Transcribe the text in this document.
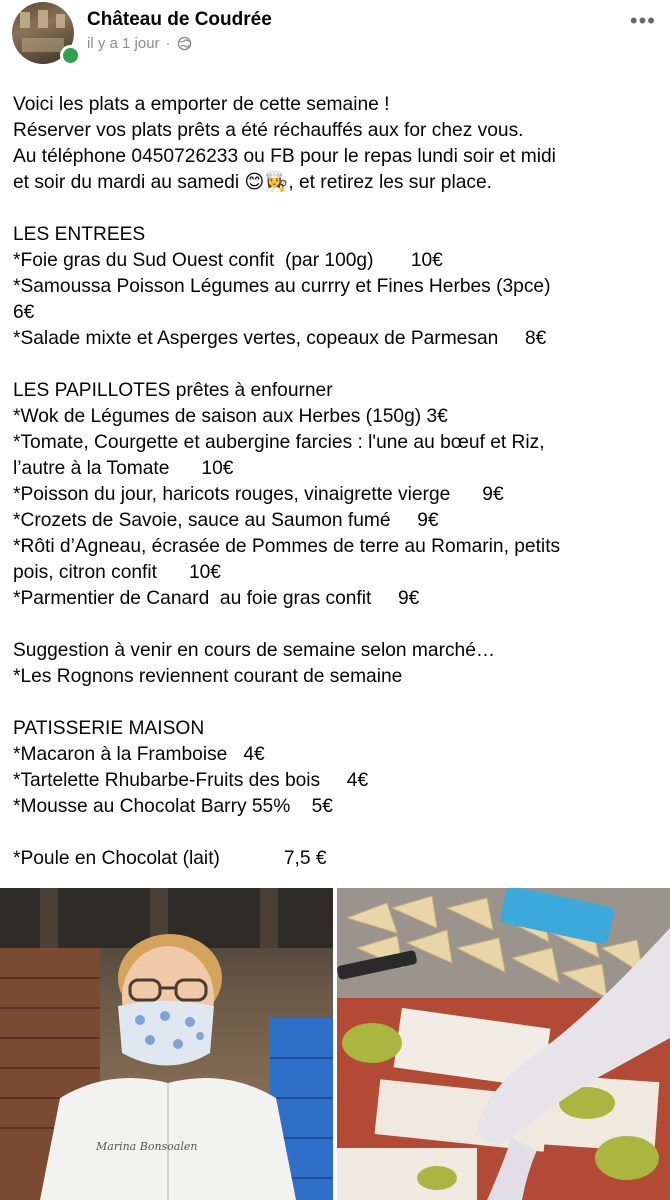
Château de Coudrée
il y a 1 jour ·
•••
Voici les plats a emporter de cette semaine !
Réserver vos plats prêts a été réchauffés aux for chez vous.
Au téléphone 0450726233 ou FB pour le repas lundi soir et midi
et soir du mardi au samedi 😊👩‍🍳, et retirez les sur place.
LES ENTREES
*Foie gras du Sud Ouest confit  (par 100g)       10€
*Samoussa Poisson Légumes au currry et Fines Herbes (3pce)
6€
*Salade mixte et Asperges vertes, copeaux de Parmesan     8€
LES PAPILLOTES prêtes à enfourner
*Wok de Légumes de saison aux Herbes (150g) 3€
*Tomate, Courgette et aubergine farcies : l'une au bœuf et Riz,
l’autre à la Tomate      10€
*Poisson du jour, haricots rouges, vinaigrette vierge      9€
*Crozets de Savoie, sauce au Saumon fumé     9€
*Rôti d’Agneau, écrasée de Pommes de terre au Romarin, petits
pois, citron confit      10€
*Parmentier de Canard  au foie gras confit     9€
Suggestion à venir en cours de semaine selon marché…
*Les Rognons reviennent courant de semaine
PATISSERIE MAISON
*Macaron à la Framboise   4€
*Tartelette Rhubarbe-Fruits des bois     4€
*Mousse au Chocolat Barry 55%    5€
*Poule en Chocolat (lait)            7,5 €
Marina Bonsoalen
